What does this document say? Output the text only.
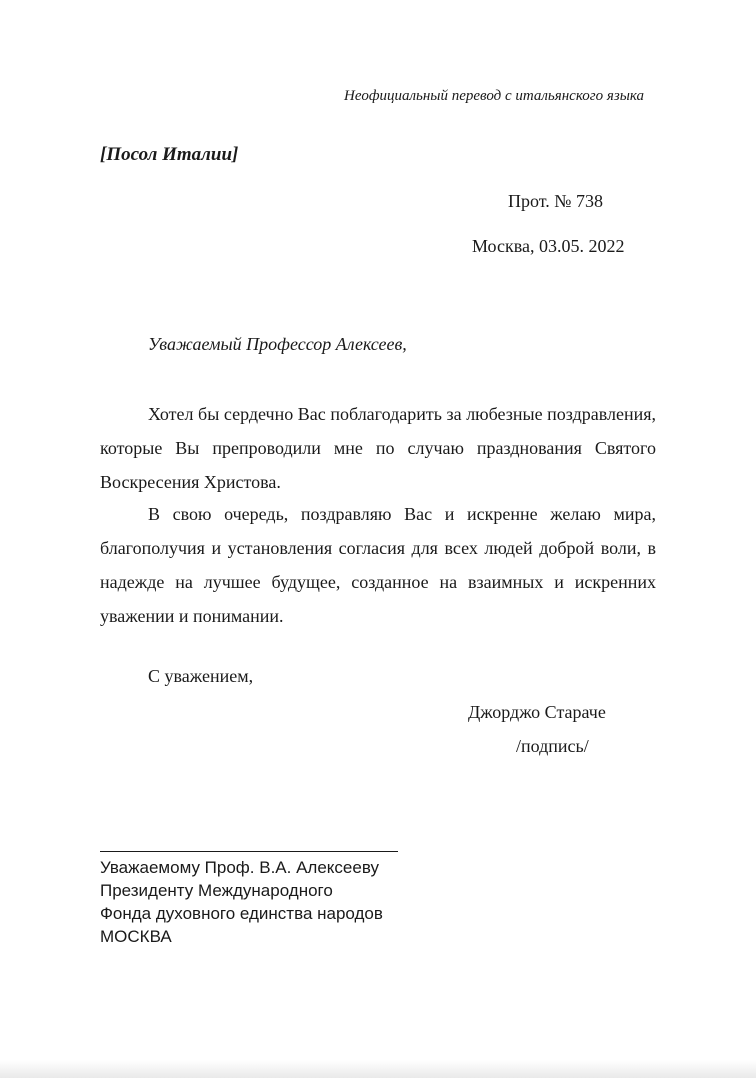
Неофициальный перевод с итальянского языка
[Посол Италии]
Прот. № 738
Москва, 03.05. 2022
Уважаемый Профессор Алексеев,

Хотел бы сердечно Вас поблагодарить за любезные поздравления, которые Вы препроводили мне по случаю празднования Святого Воскресения Христова.

В свою очередь, поздравляю Вас и искренне желаю мира, благополучия и установления согласия для всех людей доброй воли, в надежде на лучшее будущее, созданное на взаимных и искренних уважении и понимании.

С уважением,
Джорджо Стараче
/подпись/
Уважаемому Проф. В.А. Алексееву
Президенту Международного
Фонда духовного единства народов
МОСКВА
